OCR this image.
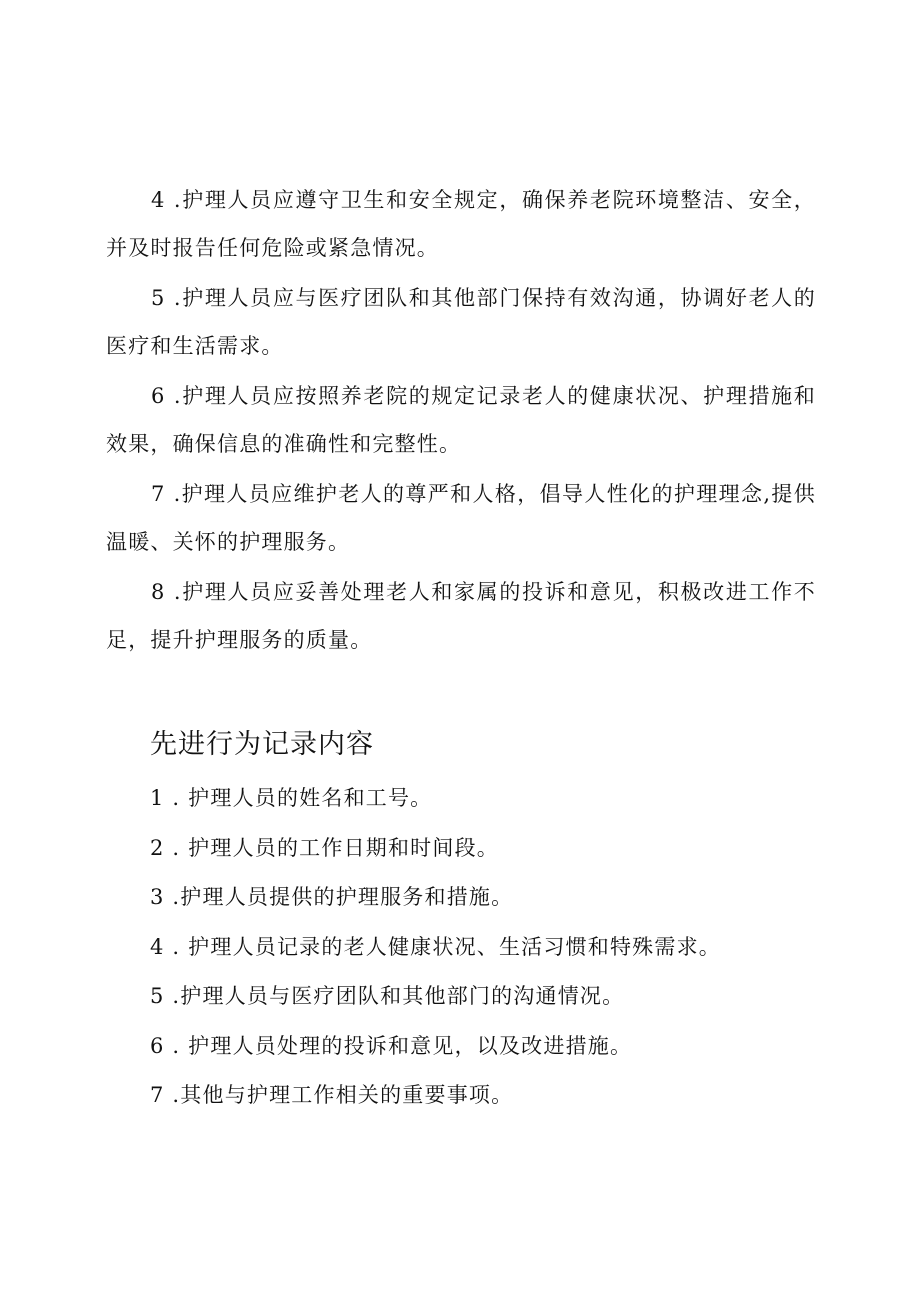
4 .护理人员应遵守卫生和安全规定，确保养老院环境整洁、安全，并及时报告任何危险或紧急情况。

5 .护理人员应与医疗团队和其他部门保持有效沟通，协调好老人的医疗和生活需求。

6 .护理人员应按照养老院的规定记录老人的健康状况、护理措施和效果，确保信息的准确性和完整性。

7 .护理人员应维护老人的尊严和人格，倡导人性化的护理理念,提供温暖、关怀的护理服务。

8 .护理人员应妥善处理老人和家属的投诉和意见，积极改进工作不足，提升护理服务的质量。

先进行为记录内容
1 . 护理人员的姓名和工号。
2 . 护理人员的工作日期和时间段。
3 .护理人员提供的护理服务和措施。
4 . 护理人员记录的老人健康状况、生活习惯和特殊需求。
5 .护理人员与医疗团队和其他部门的沟通情况。
6 . 护理人员处理的投诉和意见，以及改进措施。
7 .其他与护理工作相关的重要事项。
